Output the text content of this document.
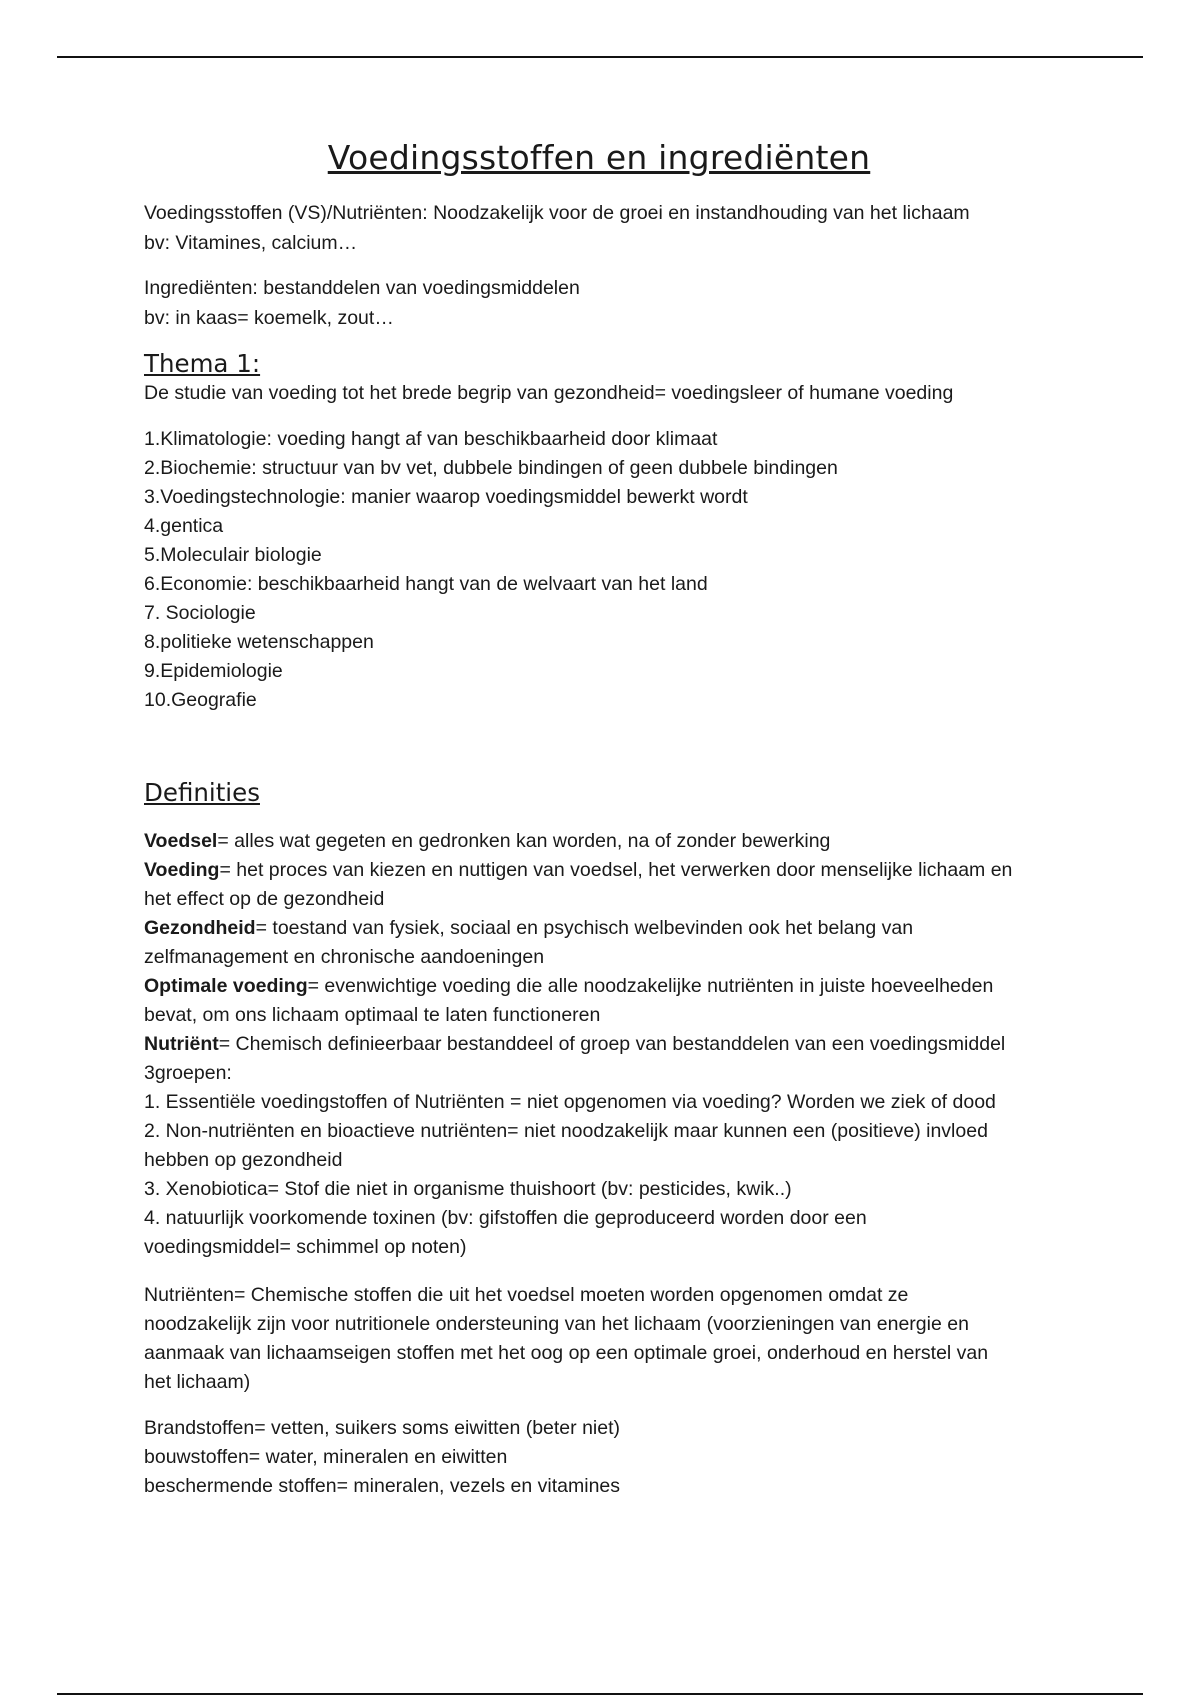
Voedingsstoffen en ingrediënten

Voedingsstoffen (VS)/Nutriënten: Noodzakelijk voor de groei en instandhouding van het lichaam

bv: Vitamines, calcium…

Ingrediënten: bestanddelen van voedingsmiddelen

bv: in kaas= koemelk, zout…

Thema 1:

De studie van voeding tot het brede begrip van gezondheid= voedingsleer of humane voeding

1.Klimatologie: voeding hangt af van beschikbaarheid door klimaat

2.Biochemie: structuur van bv vet, dubbele bindingen of geen dubbele bindingen

3.Voedingstechnologie: manier waarop voedingsmiddel bewerkt wordt

4.gentica

5.Moleculair biologie

6.Economie: beschikbaarheid hangt van de welvaart van het land

7. Sociologie

8.politieke wetenschappen

9.Epidemiologie

10.Geografie

Definities

Voedsel= alles wat gegeten en gedronken kan worden, na of zonder bewerking

Voeding= het proces van kiezen en nuttigen van voedsel, het verwerken door menselijke lichaam en

het effect op de gezondheid

Gezondheid= toestand van fysiek, sociaal en psychisch welbevinden ook het belang van

zelfmanagement en chronische aandoeningen

Optimale voeding= evenwichtige voeding die alle noodzakelijke nutriënten in juiste hoeveelheden

bevat, om ons lichaam optimaal te laten functioneren

Nutriënt= Chemisch definieerbaar bestanddeel of groep van bestanddelen van een voedingsmiddel

3groepen:

1. Essentiële voedingstoffen of Nutriënten = niet opgenomen via voeding? Worden we ziek of dood

2. Non-nutriënten en bioactieve nutriënten= niet noodzakelijk maar kunnen een (positieve) invloed

hebben op gezondheid

3. Xenobiotica= Stof die niet in organisme thuishoort (bv: pesticides, kwik..)

4. natuurlijk voorkomende toxinen (bv: gifstoffen die geproduceerd worden door een

voedingsmiddel= schimmel op noten)

Nutriënten= Chemische stoffen die uit het voedsel moeten worden opgenomen omdat ze

noodzakelijk zijn voor nutritionele ondersteuning van het lichaam (voorzieningen van energie en

aanmaak van lichaamseigen stoffen met het oog op een optimale groei, onderhoud en herstel van

het lichaam)

Brandstoffen= vetten, suikers soms eiwitten (beter niet)

bouwstoffen= water, mineralen en eiwitten

beschermende stoffen= mineralen, vezels en vitamines
